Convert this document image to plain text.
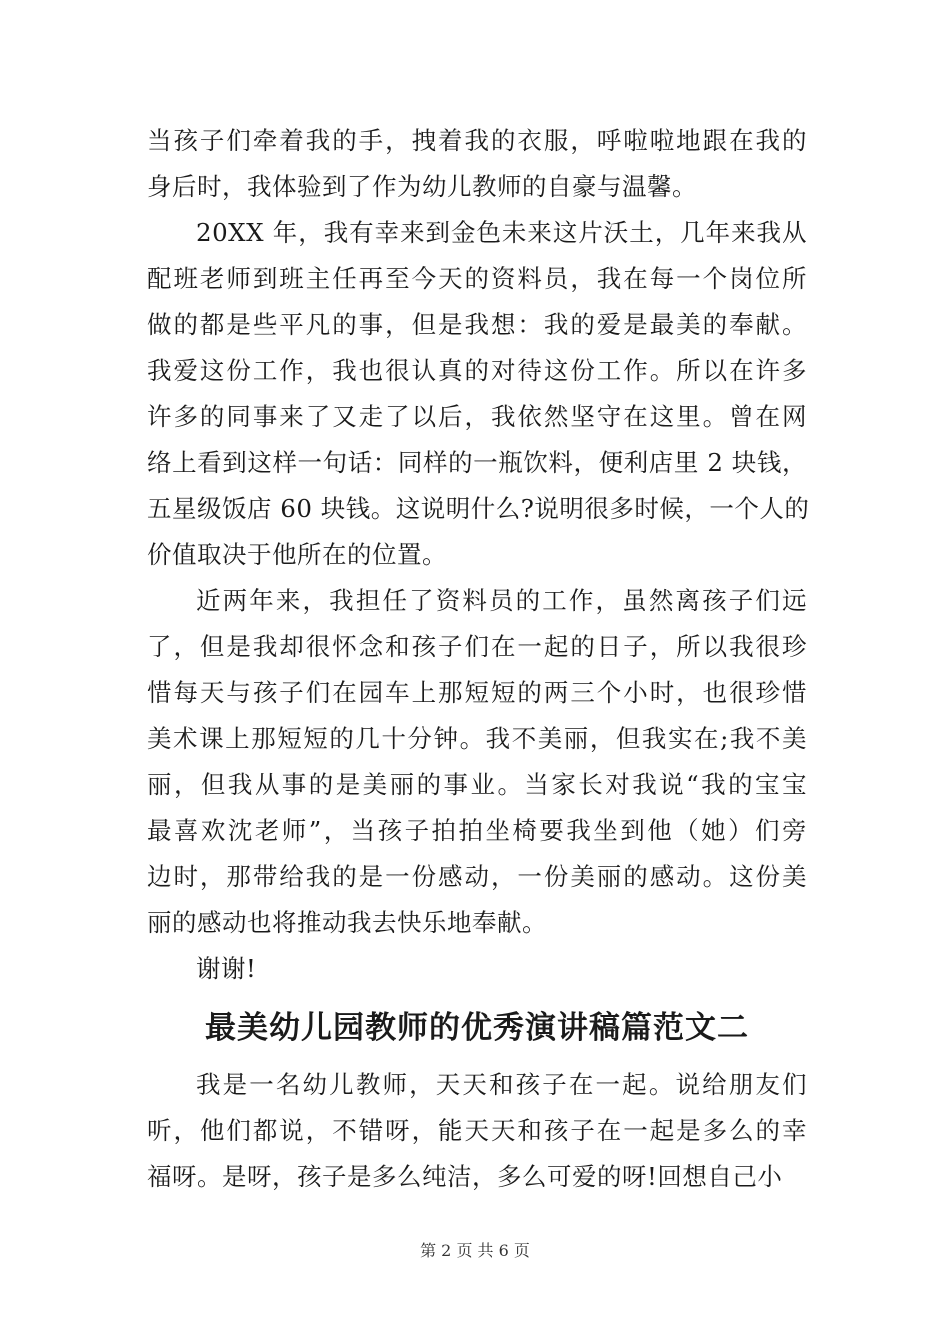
当孩子们牵着我的手，拽着我的衣服，呼啦啦地跟在我的
身后时，我体验到了作为幼儿教师的自豪与温馨。
20XX 年，我有幸来到金色未来这片沃土，几年来我从
配班老师到班主任再至今天的资料员，我在每一个岗位所
做的都是些平凡的事，但是我想：我的爱是最美的奉献。
我爱这份工作，我也很认真的对待这份工作。所以在许多
许多的同事来了又走了以后，我依然坚守在这里。曾在网
络上看到这样一句话：同样的一瓶饮料，便利店里 2 块钱，
五星级饭店 60 块钱。这说明什么?说明很多时候，一个人的
价值取决于他所在的位置。
近两年来，我担任了资料员的工作，虽然离孩子们远
了，但是我却很怀念和孩子们在一起的日子，所以我很珍
惜每天与孩子们在园车上那短短的两三个小时，也很珍惜
美术课上那短短的几十分钟。我不美丽，但我实在;我不美
丽，但我从事的是美丽的事业。当家长对我说“我的宝宝
最喜欢沈老师”，当孩子拍拍坐椅要我坐到他（她）们旁
边时，那带给我的是一份感动，一份美丽的感动。这份美
丽的感动也将推动我去快乐地奉献。
谢谢!
最美幼儿园教师的优秀演讲稿篇范文二
我是一名幼儿教师，天天和孩子在一起。说给朋友们
听，他们都说，不错呀，能天天和孩子在一起是多么的幸
福呀。是呀，孩子是多么纯洁，多么可爱的呀!回想自己小
第 2 页 共 6 页
